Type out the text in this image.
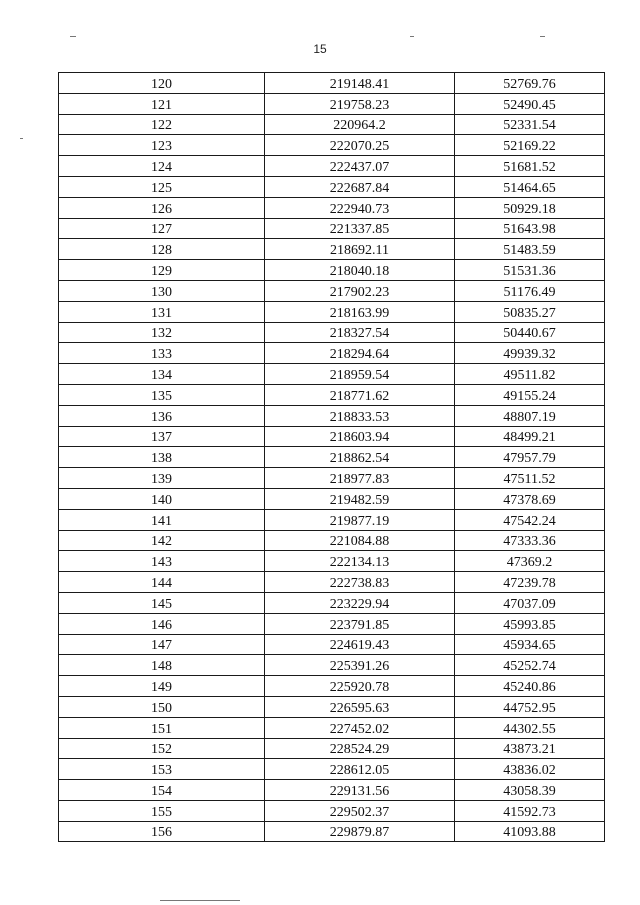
15
120	219148.41	52769.76
121	219758.23	52490.45
122	220964.2	52331.54
123	222070.25	52169.22
124	222437.07	51681.52
125	222687.84	51464.65
126	222940.73	50929.18
127	221337.85	51643.98
128	218692.11	51483.59
129	218040.18	51531.36
130	217902.23	51176.49
131	218163.99	50835.27
132	218327.54	50440.67
133	218294.64	49939.32
134	218959.54	49511.82
135	218771.62	49155.24
136	218833.53	48807.19
137	218603.94	48499.21
138	218862.54	47957.79
139	218977.83	47511.52
140	219482.59	47378.69
141	219877.19	47542.24
142	221084.88	47333.36
143	222134.13	47369.2
144	222738.83	47239.78
145	223229.94	47037.09
146	223791.85	45993.85
147	224619.43	45934.65
148	225391.26	45252.74
149	225920.78	45240.86
150	226595.63	44752.95
151	227452.02	44302.55
152	228524.29	43873.21
153	228612.05	43836.02
154	229131.56	43058.39
155	229502.37	41592.73
156	229879.87	41093.88
